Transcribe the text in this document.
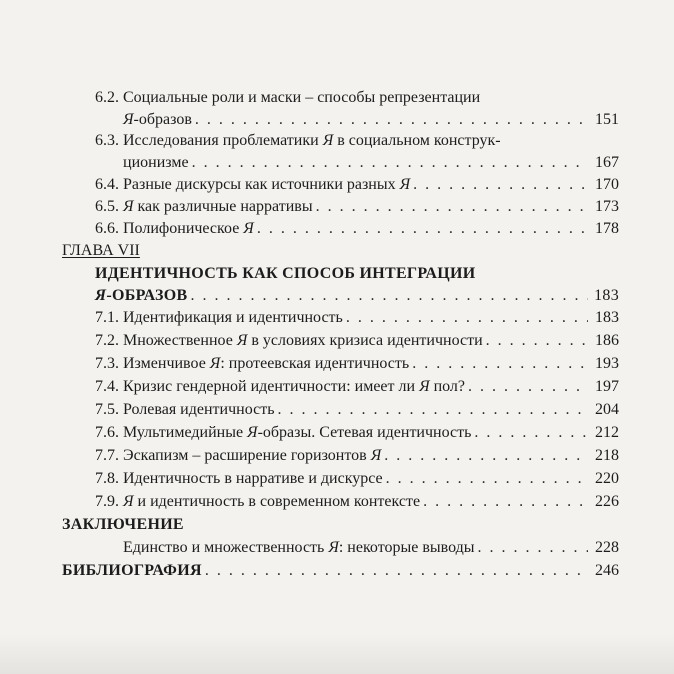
6.2. Социальные роли и маски – способы репрезентации
Я-образов . . .	151
6.3. Исследования проблематики Я в социальном конструк-
ционизме . . .	167
6.4. Разные дискурсы как источники разных Я . . .	170
6.5. Я как различные нарративы . . .	173
6.6. Полифоническое Я . . .	178
ГЛАВА VII
ИДЕНТИЧНОСТЬ КАК СПОСОБ ИНТЕГРАЦИИ
Я-ОБРАЗОВ . . .	183
7.1. Идентификация и идентичность . . .	183
7.2. Множественное Я в условиях кризиса идентичности . . .	186
7.3. Изменчивое Я: протеевская идентичность . . .	193
7.4. Кризис гендерной идентичности: имеет ли Я пол? . . .	197
7.5. Ролевая идентичность . . .	204
7.6. Мультимедийные Я-образы. Сетевая идентичность . . .	212
7.7. Эскапизм – расширение горизонтов Я . . .	218
7.8. Идентичность в нарративе и дискурсе . . .	220
7.9. Я и идентичность в современном контексте . . .	226
ЗАКЛЮЧЕНИЕ
Единство и множественность Я: некоторые выводы . . .	228
БИБЛИОГРАФИЯ . . .	246
